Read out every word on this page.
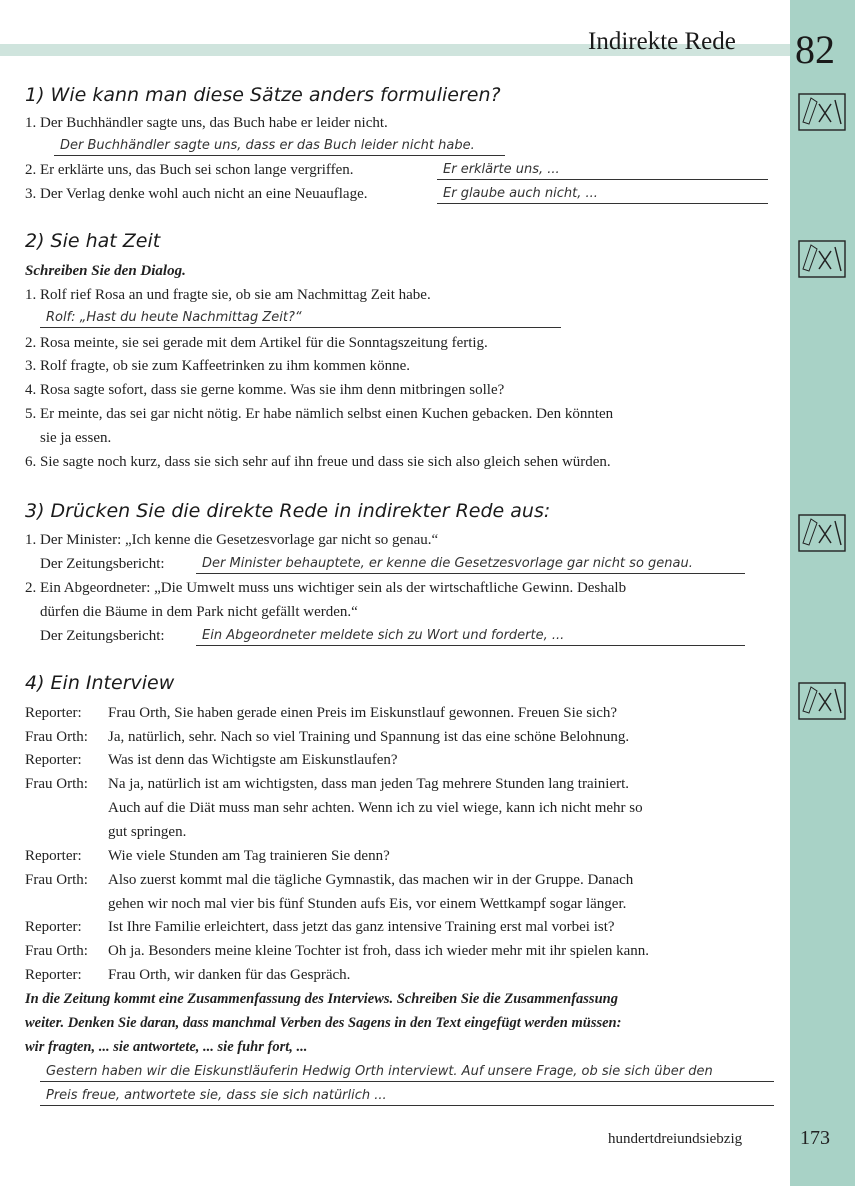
Indirekte Rede 82
1) Wie kann man diese Sätze anders formulieren?
1. Der Buchhändler sagte uns, das Buch habe er leider nicht.
Der Buchhändler sagte uns, dass er das Buch leider nicht habe.
2. Er erklärte uns, das Buch sei schon lange vergriffen.	Er erklärte uns, ...
3. Der Verlag denke wohl auch nicht an eine Neuauflage.	Er glaube auch nicht, ...
2) Sie hat Zeit
Schreiben Sie den Dialog.
1. Rolf rief Rosa an und fragte sie, ob sie am Nachmittag Zeit habe.
Rolf: „Hast du heute Nachmittag Zeit?“
2. Rosa meinte, sie sei gerade mit dem Artikel für die Sonntagszeitung fertig.
3. Rolf fragte, ob sie zum Kaffeetrinken zu ihm kommen könne.
4. Rosa sagte sofort, dass sie gerne komme. Was sie ihm denn mitbringen solle?
5. Er meinte, das sei gar nicht nötig. Er habe nämlich selbst einen Kuchen gebacken. Den könnten
sie ja essen.
6. Sie sagte noch kurz, dass sie sich sehr auf ihn freue und dass sie sich also gleich sehen würden.
3) Drücken Sie die direkte Rede in indirekter Rede aus:
1. Der Minister: „Ich kenne die Gesetzesvorlage gar nicht so genau.“
Der Zeitungsbericht:	Der Minister behauptete, er kenne die Gesetzesvorlage gar nicht so genau.
2. Ein Abgeordneter: „Die Umwelt muss uns wichtiger sein als der wirtschaftliche Gewinn. Deshalb
dürfen die Bäume in dem Park nicht gefällt werden.“
Der Zeitungsbericht:	Ein Abgeordneter meldete sich zu Wort und forderte, ...
4) Ein Interview
Reporter: Frau Orth, Sie haben gerade einen Preis im Eiskunstlauf gewonnen. Freuen Sie sich?
Frau Orth: Ja, natürlich, sehr. Nach so viel Training und Spannung ist das eine schöne Belohnung.
Reporter: Was ist denn das Wichtigste am Eiskunstlaufen?
Frau Orth: Na ja, natürlich ist am wichtigsten, dass man jeden Tag mehrere Stunden lang trainiert.
Auch auf die Diät muss man sehr achten. Wenn ich zu viel wiege, kann ich nicht mehr so
gut springen.
Reporter: Wie viele Stunden am Tag trainieren Sie denn?
Frau Orth: Also zuerst kommt mal die tägliche Gymnastik, das machen wir in der Gruppe. Danach
gehen wir noch mal vier bis fünf Stunden aufs Eis, vor einem Wettkampf sogar länger.
Reporter: Ist Ihre Familie erleichtert, dass jetzt das ganz intensive Training erst mal vorbei ist?
Frau Orth: Oh ja. Besonders meine kleine Tochter ist froh, dass ich wieder mehr mit ihr spielen kann.
Reporter: Frau Orth, wir danken für das Gespräch.
In die Zeitung kommt eine Zusammenfassung des Interviews. Schreiben Sie die Zusammenfassung
weiter. Denken Sie daran, dass manchmal Verben des Sagens in den Text eingefügt werden müssen:
wir fragten, ... sie antwortete, ... sie fuhr fort, ...
Gestern haben wir die Eiskunstläuferin Hedwig Orth interviewt. Auf unsere Frage, ob sie sich über den
Preis freue, antwortete sie, dass sie sich natürlich ...
hundertdreiundsiebzig	173
